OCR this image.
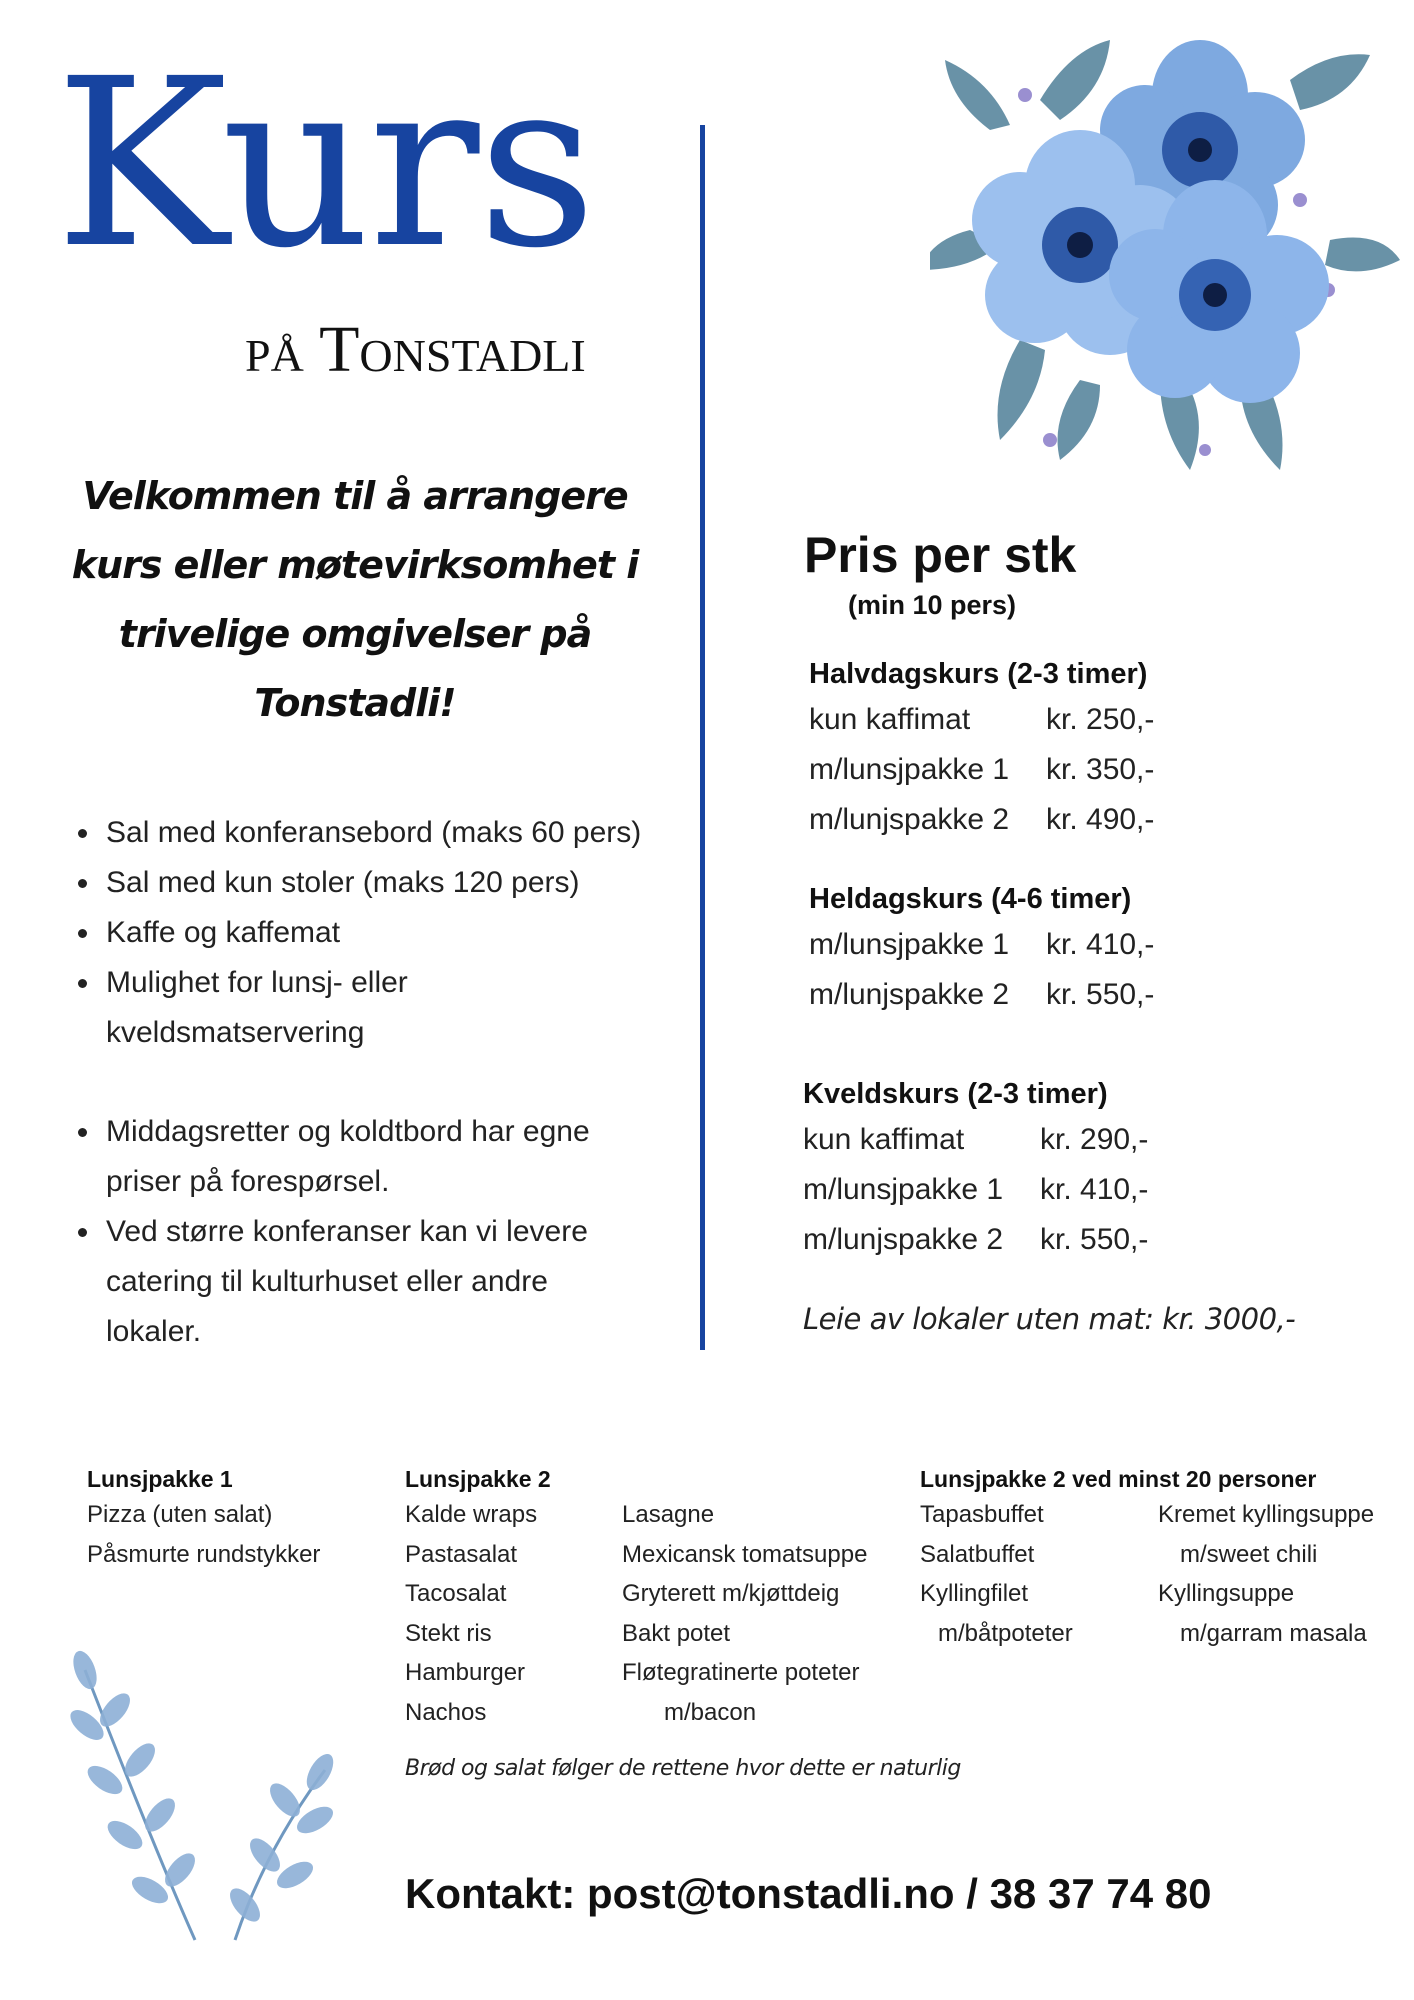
Kurs
på Tonstadli
Velkommen til å arrangere kurs eller møtevirksomhet i trivelige omgivelser på Tonstadli!
• Sal med konferansebord (maks 60 pers)
• Sal med kun stoler (maks 120 pers)
• Kaffe og kaffemat
• Mulighet for lunsj- eller kveldsmatservering
• Middagsretter og koldtbord har egne priser på forespørsel.
• Ved større konferanser kan vi levere catering til kulturhuset eller andre lokaler.
Pris per stk
(min 10 pers)
Halvdagskurs (2-3 timer)
kun kaffimat	kr. 250,-
m/lunsjpakke 1	kr. 350,-
m/lunjspakke 2	kr. 490,-
Heldagskurs (4-6 timer)
m/lunsjpakke 1	kr. 410,-
m/lunjspakke 2	kr. 550,-
Kveldskurs (2-3 timer)
kun kaffimat	kr. 290,-
m/lunsjpakke 1	kr. 410,-
m/lunjspakke 2	kr. 550,-
Leie av lokaler uten mat: kr. 3000,-
Lunsjpakke 1
Pizza (uten salat)
Påsmurte rundstykker
Lunsjpakke 2
Kalde wraps
Pastasalat
Tacosalat
Stekt ris
Hamburger
Nachos
Lasagne
Mexicansk tomatsuppe
Gryterett m/kjøttdeig
Bakt potet
Fløtegratinerte poteter
m/bacon
Lunsjpakke 2 ved minst 20 personer
Tapasbuffet
Salatbuffet
Kyllingfilet
m/båtpoteter
Kremet kyllingsuppe
m/sweet chili
Kyllingsuppe
m/garram masala
Brød og salat følger de rettene hvor dette er naturlig
Kontakt: post@tonstadli.no / 38 37 74 80
